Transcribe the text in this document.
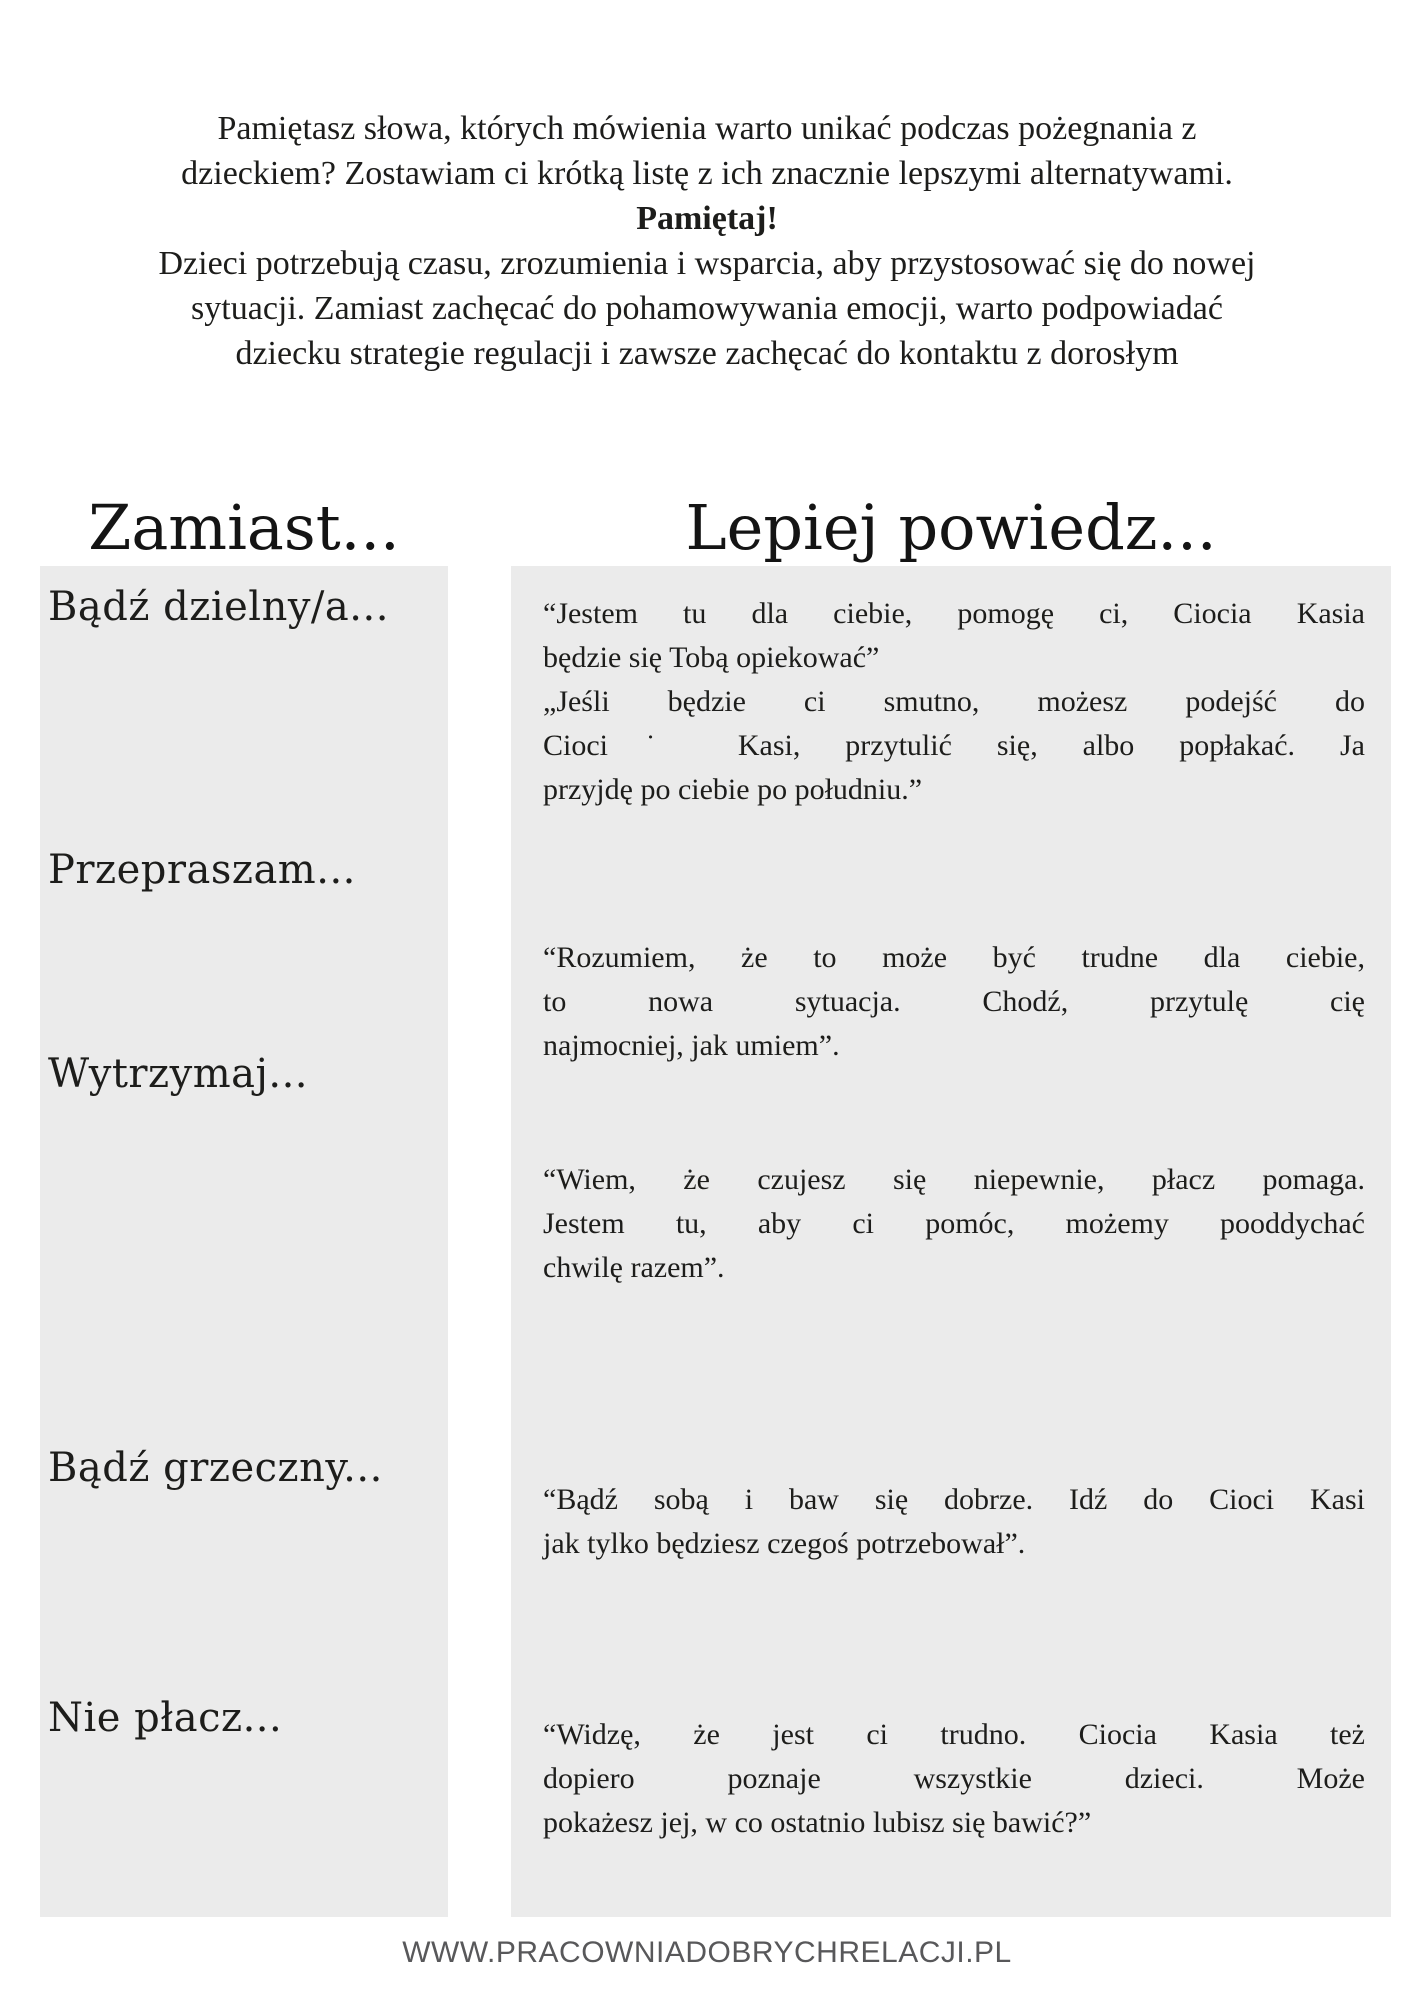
Pamiętasz słowa, których mówienia warto unikać podczas pożegnania z
dzieckiem? Zostawiam ci krótką listę z ich znacznie lepszymi alternatywami.
Pamiętaj!
Dzieci potrzebują czasu, zrozumienia i wsparcia, aby przystosować się do nowej
sytuacji. Zamiast zachęcać do pohamowywania emocji, warto podpowiadać
dziecku strategie regulacji i zawsze zachęcać do kontaktu z dorosłym
Zamiast...	Lepiej powiedz...
Bądź dzielny/a...
Przepraszam...
Wytrzymaj...
Bądź grzeczny...
Nie płacz...
“Jestem tu dla ciebie, pomogę ci, Ciocia Kasia
będzie się Tobą opiekować”
„Jeśli będzie ci smutno, możesz podejść do
Cioci˙ Kasi, przytulić się, albo popłakać. Ja
przyjdę po ciebie po południu.”
“Rozumiem, że to może być trudne dla ciebie,
to nowa sytuacja. Chodź, przytulę cię
najmocniej, jak umiem”.
“Wiem, że czujesz się niepewnie, płacz pomaga.
Jestem tu, aby ci pomóc, możemy pooddychać
chwilę razem”.
“Bądź sobą i baw się dobrze. Idź do Cioci Kasi
jak tylko będziesz czegoś potrzebował”.
“Widzę, że jest ci trudno. Ciocia Kasia też
dopiero poznaje wszystkie dzieci. Może
pokażesz jej, w co ostatnio lubisz się bawić?”
WWW.PRACOWNIADOBRYCHRELACJI.PL
